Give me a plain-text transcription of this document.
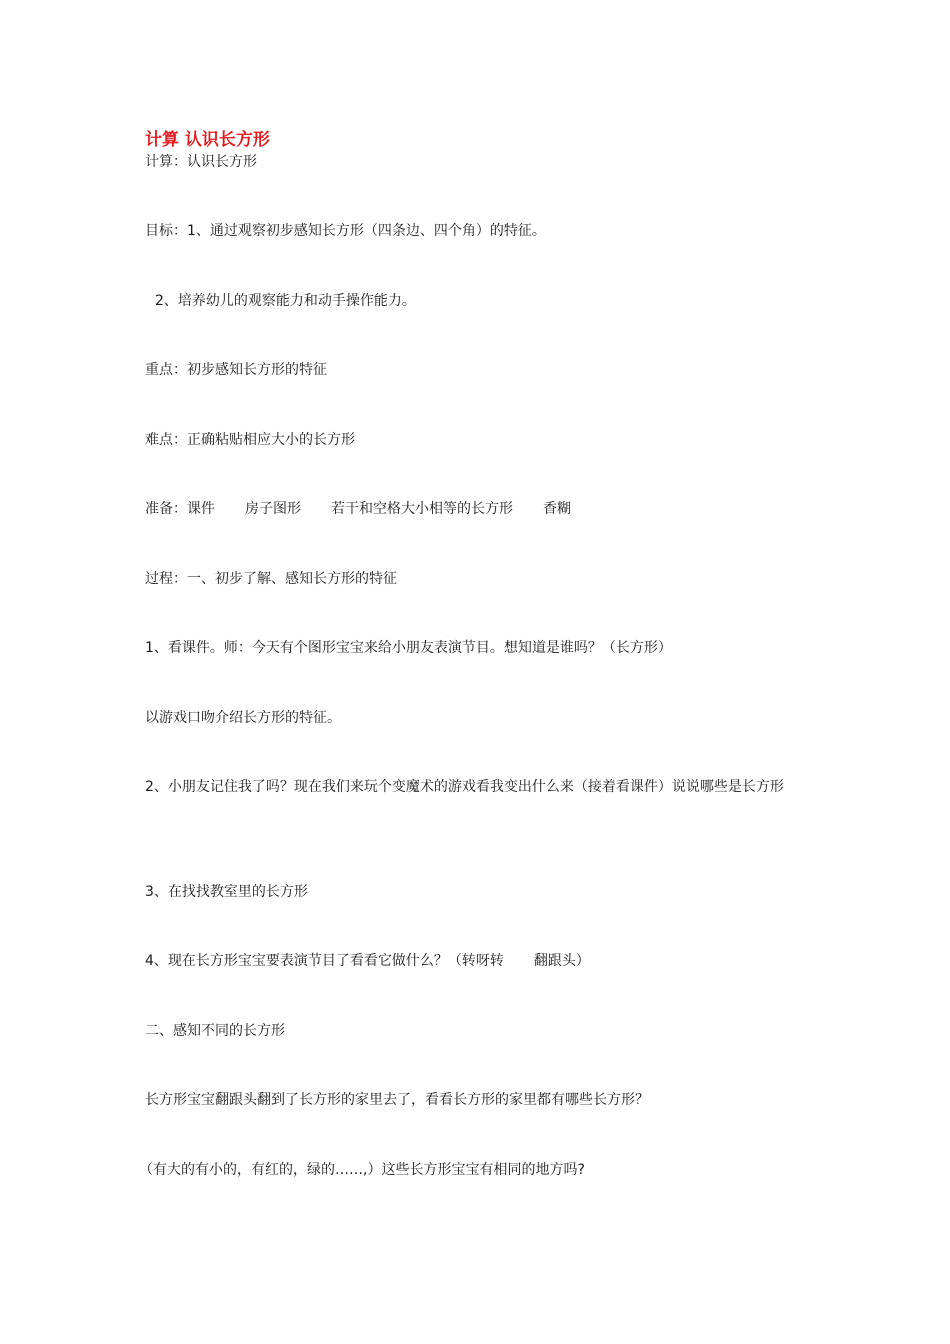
计算 认识长方形
计算：认识长方形
目标：1、通过观察初步感知长方形（四条边、四个角）的特征。
2、培养幼儿的观察能力和动手操作能力。
重点：初步感知长方形的特征
难点：正确粘贴相应大小的长方形
准备：课件 房子图形 若干和空格大小相等的长方形 香糊
过程：一、初步了解、感知长方形的特征
1、看课件。师：今天有个图形宝宝来给小朋友表演节目。想知道是谁吗？（长方形）
以游戏口吻介绍长方形的特征。
2、小朋友记住我了吗？现在我们来玩个变魔术的游戏看我变出什么来（接着看课件）说说哪些是长方形
3、在找找教室里的长方形
4、现在长方形宝宝要表演节目了看看它做什么？（转呀转 翻跟头）
二、感知不同的长方形
长方形宝宝翻跟头翻到了长方形的家里去了，看看长方形的家里都有哪些长方形？
（有大的有小的，有红的，绿的……,）这些长方形宝宝有相同的地方吗?
